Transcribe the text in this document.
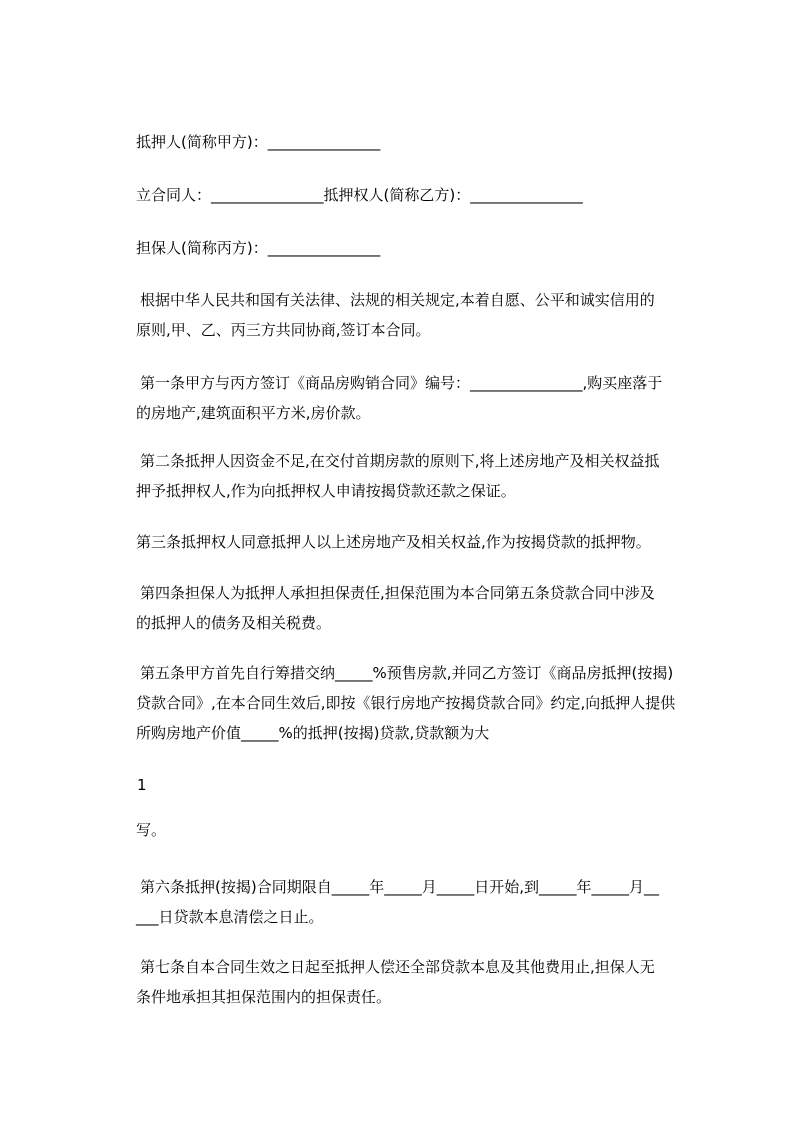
抵押人(简称甲方)：_______________
立合同人：_______________抵押权人(简称乙方)：_______________
担保人(简称丙方)：_______________
根据中华人民共和国有关法律、法规的相关规定,本着自愿、公平和诚实信用的
原则,甲、乙、丙三方共同协商,签订本合同。
第一条甲方与丙方签订《商品房购销合同》编号：_______________,购买座落于
的房地产,建筑面积平方米,房价款。
第二条抵押人因资金不足,在交付首期房款的原则下,将上述房地产及相关权益抵
押予抵押权人,作为向抵押权人申请按揭贷款还款之保证。
第三条抵押权人同意抵押人以上述房地产及相关权益,作为按揭贷款的抵押物。
第四条担保人为抵押人承担担保责任,担保范围为本合同第五条贷款合同中涉及
的抵押人的债务及相关税费。
第五条甲方首先自行筹措交纳_____%预售房款,并同乙方签订《商品房抵押(按揭)
贷款合同》,在本合同生效后,即按《银行房地产按揭贷款合同》约定,向抵押人提供
所购房地产价值_____%的抵押(按揭)贷款,贷款额为大
1
写。
第六条抵押(按揭)合同期限自_____年_____月_____日开始,到_____年_____月__
___日贷款本息清偿之日止。
第七条自本合同生效之日起至抵押人偿还全部贷款本息及其他费用止,担保人无
条件地承担其担保范围内的担保责任。
